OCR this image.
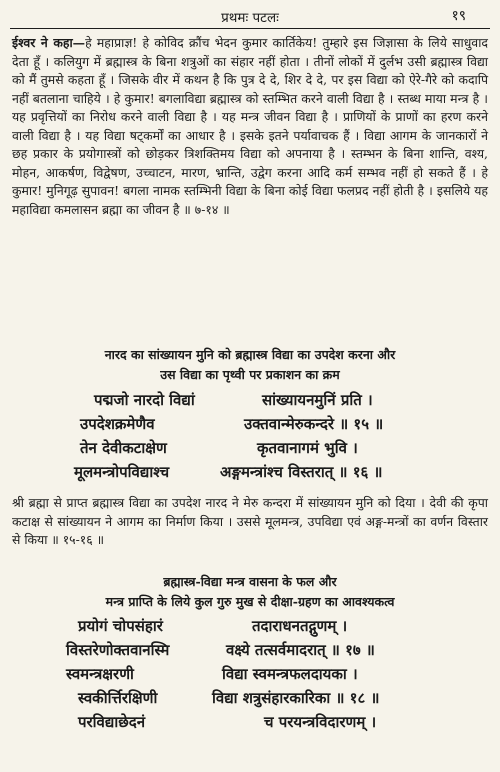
प्रथमः पटलः	१९
ईश्वर ने कहा—हे महाप्राज्ञ! हे कोविद क्रौंच भेदन कुमार कार्तिकेय! तुम्हारे इस जिज्ञासा के लिये साधुवाद देता हूँ । कलियुग में ब्रह्मास्त्र के बिना शत्रुओं का संहार नहीं होता । तीनों लोकों में दुर्लभ उसी ब्रह्मास्त्र विद्या को मैं तुमसे कहता हूँ । जिसके वीर में कथन है कि पुत्र दे दे, शिर दे दे, पर इस विद्या को ऐरे-गैरे को कदापि नहीं बतलाना चाहिये । हे कुमार! बगलाविद्या ब्रह्मास्त्र को स्तम्भित करने वाली विद्या है । स्तब्ध माया मन्त्र है । यह प्रवृत्तियों का निरोध करने वाली विद्या है । यह मन्त्र जीवन विद्या है । प्राणियों के प्राणों का हरण करने वाली विद्या है । यह विद्या षट्कर्मों का आधार है । इसके इतने पर्यावाचक हैं । विद्या आगम के जानकारों ने छह प्रकार के प्रयोगास्त्रों को छोड़कर त्रिशक्तिमय विद्या को अपनाया है । स्तम्भन के बिना शान्ति, वश्य, मोहन, आकर्षण, विद्वेषण, उच्चाटन, मारण, भ्रान्ति, उद्वेग करना आदि कर्म सम्भव नहीं हो सकते हैं । हे कुमार! मुनिगूढ़ सुपावन! बगला नामक स्तम्भिनी विद्या के बिना कोई विद्या फलप्रद नहीं होती है । इसलिये यह महाविद्या कमलासन ब्रह्मा का जीवन है ॥ ७-१४ ॥
नारद का सांख्यायन मुनि को ब्रह्मास्त्र विद्या का उपदेश करना और
उस विद्या का पृथ्वी पर प्रकाशन का क्रम
पद्मजो नारदो विद्यां	सांख्यायनमुनिं प्रति ।
उपदेशक्रमेणैव	उक्तवान्मेरुकन्दरे ॥ १५ ॥
तेन देवीकटाक्षेण	कृतवानागमं भुवि ।
मूलमन्त्रोपविद्याश्च	अङ्गमन्त्रांश्च विस्तरात् ॥ १६ ॥
श्री ब्रह्मा से प्राप्त ब्रह्मास्त्र विद्या का उपदेश नारद ने मेरु कन्दरा में सांख्यायन मुनि को दिया । देवी की कृपा कटाक्ष से सांख्यायन ने आगम का निर्माण किया । उससे मूलमन्त्र, उपविद्या एवं अङ्ग-मन्त्रों का वर्णन विस्तार से किया ॥ १५-१६ ॥
ब्रह्मास्त्र-विद्या मन्त्र वासना के फल और
मन्त्र प्राप्ति के लिये कुल गुरु मुख से दीक्षा-ग्रहण का आवश्यकत्व
प्रयोगं चोपसंहारं	तदाराधनतद्गुणम् ।
विस्तरेणोक्तवानस्मि	वक्ष्ये तत्सर्वमादरात् ॥ १७ ॥
स्वमन्त्रक्षरणी	विद्या स्वमन्त्रफलदायका ।
स्वकीर्त्तिरक्षिणी	विद्या शत्रुसंहारकारिका ॥ १८ ॥
परविद्याछेदनं	च परयन्त्रविदारणम् ।
